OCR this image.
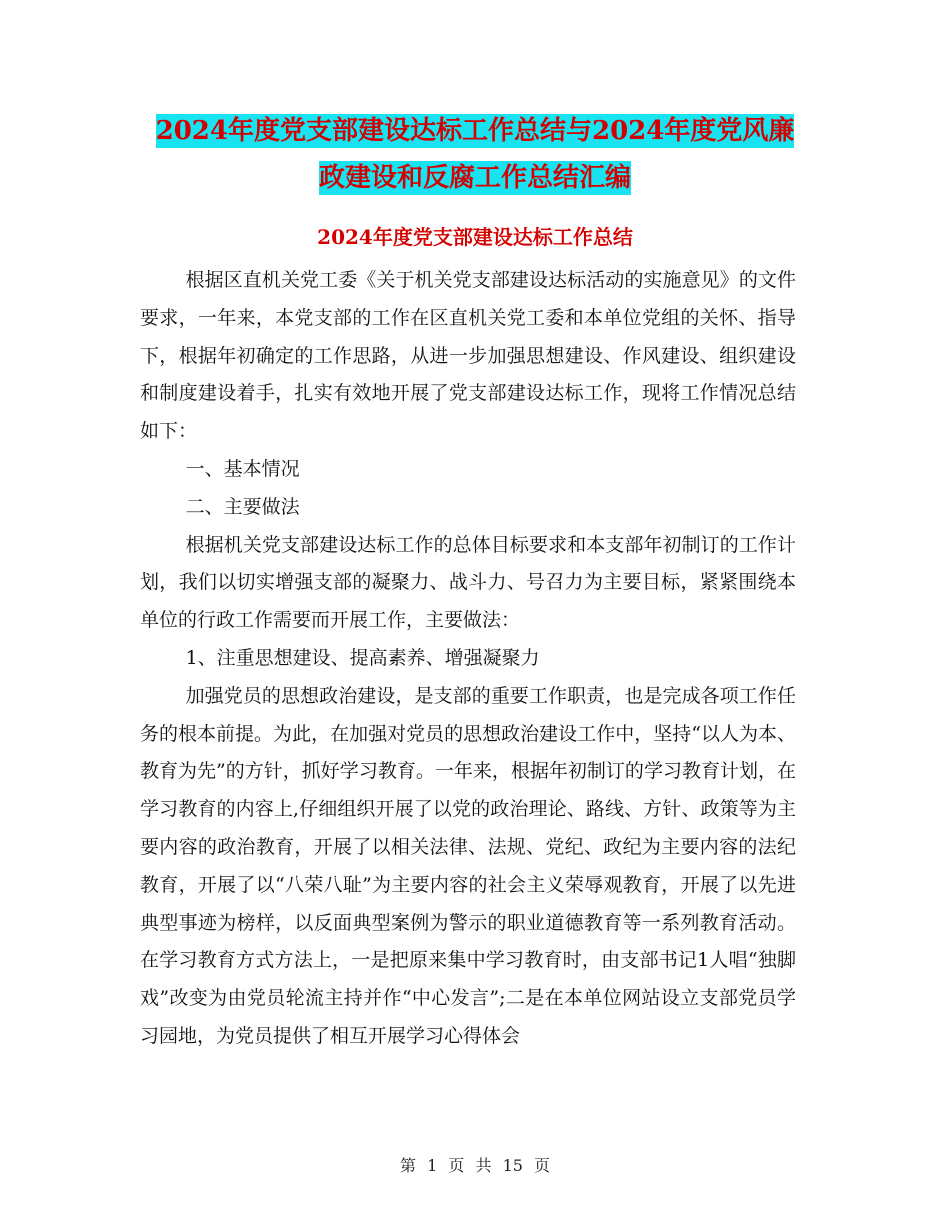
2024年度党支部建设达标工作总结与2024年度党风廉
政建设和反腐工作总结汇编
2024年度党支部建设达标工作总结

根据区直机关党工委《关于机关党支部建设达标活动的实施意见》的文件要求，一年来，本党支部的工作在区直机关党工委和本单位党组的关怀、指导下，根据年初确定的工作思路，从进一步加强思想建设、作风建设、组织建设和制度建设着手，扎实有效地开展了党支部建设达标工作，现将工作情况总结如下：

一、基本情况

二、主要做法

根据机关党支部建设达标工作的总体目标要求和本支部年初制订的工作计划，我们以切实增强支部的凝聚力、战斗力、号召力为主要目标，紧紧围绕本单位的行政工作需要而开展工作，主要做法：

1、注重思想建设、提高素养、增强凝聚力

加强党员的思想政治建设，是支部的重要工作职责，也是完成各项工作任务的根本前提。为此，在加强对党员的思想政治建设工作中，坚持“以人为本、教育为先”的方针，抓好学习教育。一年来，根据年初制订的学习教育计划，在学习教育的内容上,仔细组织开展了以党的政治理论、路线、方针、政策等为主要内容的政治教育，开展了以相关法律、法规、党纪、政纪为主要内容的法纪教育，开展了以“八荣八耻”为主要内容的社会主义荣辱观教育，开展了以先进典型事迹为榜样，以反面典型案例为警示的职业道德教育等一系列教育活动。在学习教育方式方法上，一是把原来集中学习教育时，由支部书记1人唱“独脚戏”改变为由党员轮流主持并作“中心发言”;二是在本单位网站设立支部党员学习园地，为党员提供了相互开展学习心得体会

第 1 页 共 15 页
